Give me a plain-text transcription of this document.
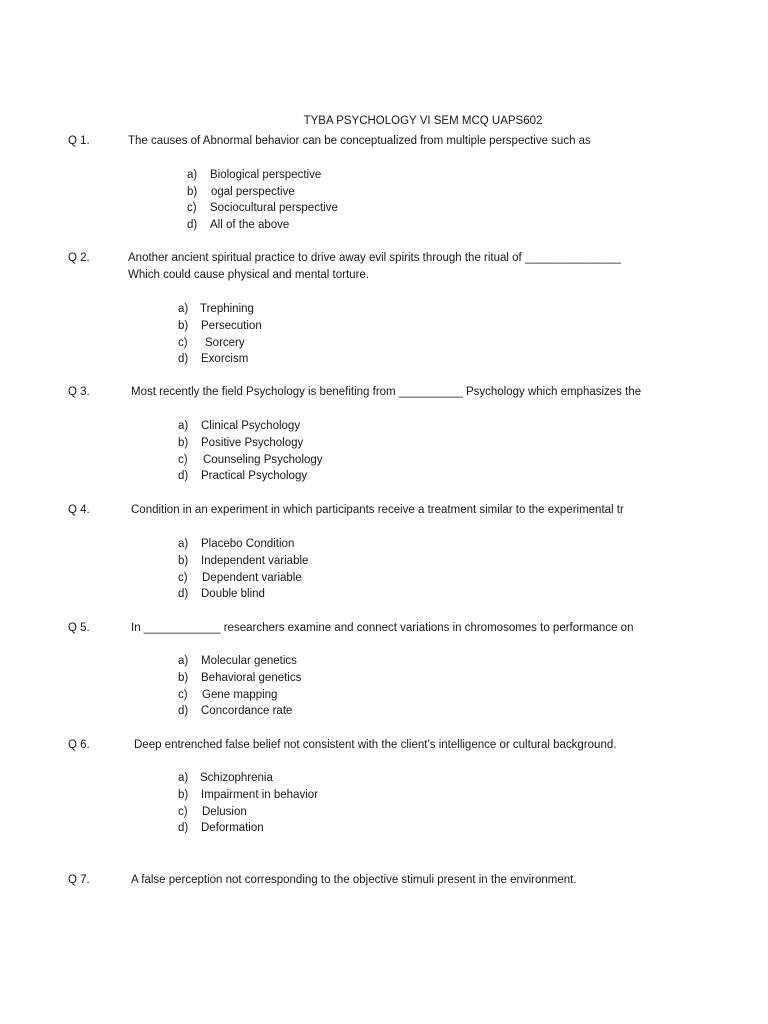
TYBA PSYCHOLOGY VI SEM MCQ UAPS602
Q 1.	The causes of Abnormal behavior can be conceptualized from multiple perspective such as
a)	Biological perspective
b)	ogal perspective
c)	Sociocultural perspective
d)	All of the above
Q 2.	Another ancient spiritual practice to drive away evil spirits through the ritual of _______________
Which could cause physical and mental torture.
a)	Trephining
b)	Persecution
c)	Sorcery
d)	Exorcism
Q 3.	Most recently the field Psychology is benefiting from __________ Psychology which emphasizes the
a)	Clinical Psychology
b)	Positive Psychology
c)	Counseling Psychology
d)	Practical Psychology
Q 4.	Condition in an experiment in which participants receive a treatment similar to the experimental tr
a)	Placebo Condition
b)	Independent variable
c)	Dependent variable
d)	Double blind
Q 5.	In ____________ researchers examine and connect variations in chromosomes to performance on
a)	Molecular genetics
b)	Behavioral genetics
c)	Gene mapping
d)	Concordance rate
Q 6.	Deep entrenched false belief not consistent with the client’s intelligence or cultural background.
a)	Schizophrenia
b)	Impairment in behavior
c)	Delusion
d)	Deformation
Q 7.	A false perception not corresponding to the objective stimuli present in the environment.
